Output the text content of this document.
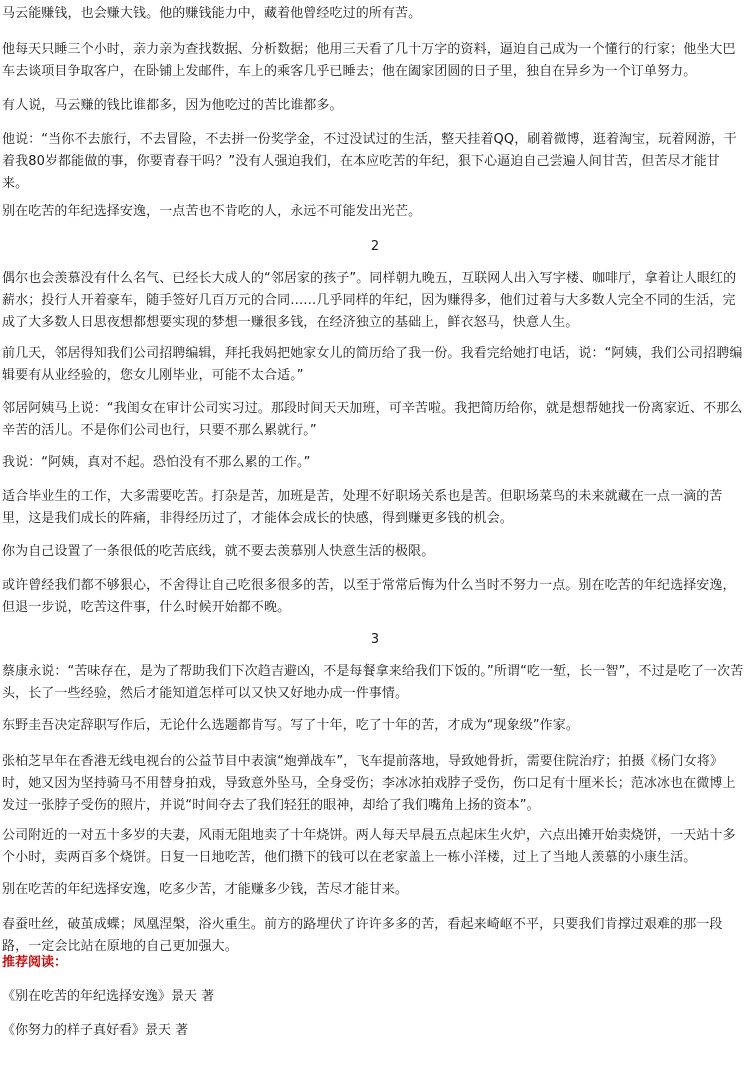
马云能赚钱，也会赚大钱。他的赚钱能力中，藏着他曾经吃过的所有苦。

他每天只睡三个小时，亲力亲为查找数据、分析数据；他用三天看了几十万字的资料，逼迫自己成为一个懂行的行家；他坐大巴车去谈项目争取客户，在卧铺上发邮件，车上的乘客几乎已睡去；他在阖家团圆的日子里，独自在异乡为一个订单努力。

有人说，马云赚的钱比谁都多，因为他吃过的苦比谁都多。

他说：“当你不去旅行，不去冒险，不去拼一份奖学金，不过没试过的生活，整天挂着QQ，刷着微博，逛着淘宝，玩着网游，干着我80岁都能做的事，你要青春干吗？”没有人强迫我们，在本应吃苦的年纪，狠下心逼迫自己尝遍人间甘苦，但苦尽才能甘来。

别在吃苦的年纪选择安逸，一点苦也不肯吃的人，永远不可能发出光芒。

2

偶尔也会羡慕没有什么名气、已经长大成人的“邻居家的孩子”。同样朝九晚五，互联网人出入写字楼、咖啡厅，拿着让人眼红的薪水；投行人开着豪车，随手签好几百万元的合同……几乎同样的年纪，因为赚得多，他们过着与大多数人完全不同的生活，完成了大多数人日思夜想都想要实现的梦想一赚很多钱，在经济独立的基础上，鲜衣怒马，快意人生。

前几天，邻居得知我们公司招聘编辑，拜托我妈把她家女儿的简历给了我一份。我看完给她打电话，说：“阿姨，我们公司招聘编辑要有从业经验的，您女儿刚毕业，可能不太合适。”

邻居阿姨马上说：“我闺女在审计公司实习过。那段时间天天加班，可辛苦啦。我把简历给你，就是想帮她找一份离家近、不那么辛苦的活儿。不是你们公司也行，只要不那么累就行。”

我说：“阿姨，真对不起。恐怕没有不那么累的工作。”

适合毕业生的工作，大多需要吃苦。打杂是苦，加班是苦，处理不好职场关系也是苦。但职场菜鸟的未来就藏在一点一滴的苦里，这是我们成长的阵痛，非得经历过了，才能体会成长的快感，得到赚更多钱的机会。

你为自己设置了一条很低的吃苦底线，就不要去羡慕别人快意生活的极限。

或许曾经我们都不够狠心，不舍得让自己吃很多很多的苦，以至于常常后悔为什么当时不努力一点。别在吃苦的年纪选择安逸，但退一步说，吃苦这件事，什么时候开始都不晚。

3

蔡康永说：“苦味存在，是为了帮助我们下次趋吉避凶，不是每餐拿来给我们下饭的。”所谓“吃一堑，长一智”，不过是吃了一次苦头，长了一些经验，然后才能知道怎样可以又快又好地办成一件事情。

东野圭吾决定辞职写作后，无论什么选题都肯写。写了十年，吃了十年的苦，才成为“现象级”作家。

张柏芝早年在香港无线电视台的公益节目中表演“炮弹战车”，飞车提前落地，导致她骨折，需要住院治疗；拍摄《杨门女将》时，她又因为坚持骑马不用替身拍戏，导致意外坠马，全身受伤；李冰冰拍戏脖子受伤，伤口足有十厘米长；范冰冰也在微博上发过一张脖子受伤的照片，并说“时间夺去了我们轻狂的眼神，却给了我们嘴角上扬的资本”。

公司附近的一对五十多岁的夫妻，风雨无阻地卖了十年烧饼。两人每天早晨五点起床生火炉，六点出摊开始卖烧饼，一天站十多个小时，卖两百多个烧饼。日复一日地吃苦，他们攒下的钱可以在老家盖上一栋小洋楼，过上了当地人羡慕的小康生活。

别在吃苦的年纪选择安逸，吃多少苦，才能赚多少钱，苦尽才能甘来。

春蚕吐丝，破茧成蝶；凤凰涅槃，浴火重生。前方的路埋伏了许许多多的苦，看起来崎岖不平，只要我们肯撑过艰难的那一段路，一定会比站在原地的自己更加强大。

推荐阅读：
《别在吃苦的年纪选择安逸》景天 著
《你努力的样子真好看》景天 著
